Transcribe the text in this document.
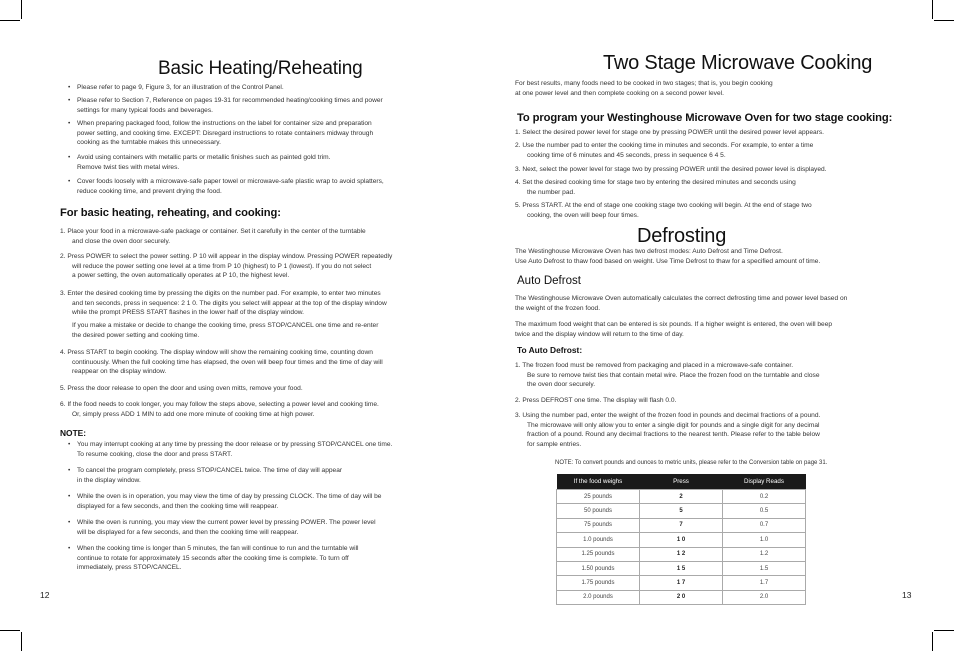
Basic Heating/Reheating
• Please refer to page 9, Figure 3, for an illustration of the Control Panel.
• Please refer to Section 7, Reference on pages 19-31 for recommended heating/cooking times and power
settings for many typical foods and beverages.
• When preparing packaged food, follow the instructions on the label for container size and preparation
power setting, and cooking time. EXCEPT: Disregard instructions to rotate containers midway through
cooking as the turntable makes this unnecessary.
• Avoid using containers with metallic parts or metallic finishes such as painted gold trim.
Remove twist ties with metal wires.
• Cover foods loosely with a microwave-safe paper towel or microwave-safe plastic wrap to avoid splatters,
reduce cooking time, and prevent drying the food.
For basic heating, reheating, and cooking:
1. Place your food in a microwave-safe package or container. Set it carefully in the center of the turntable
and close the oven door securely.
2. Press POWER to select the power setting. P 10 will appear in the display window. Pressing POWER repeatedly
will reduce the power setting one level at a time from P 10 (highest) to P 1 (lowest). If you do not select
a power setting, the oven automatically operates at P 10, the highest level.
3. Enter the desired cooking time by pressing the digits on the number pad. For example, to enter two minutes
and ten seconds, press in sequence: 2 1 0. The digits you select will appear at the top of the display window
while the prompt PRESS START flashes in the lower half of the display window.
If you make a mistake or decide to change the cooking time, press STOP/CANCEL one time and re-enter
the desired power setting and cooking time.
4. Press START to begin cooking. The display window will show the remaining cooking time, counting down
continuously. When the full cooking time has elapsed, the oven will beep four times and the time of day will
reappear on the display window.
5. Press the door release to open the door and using oven mitts, remove your food.
6. If the food needs to cook longer, you may follow the steps above, selecting a power level and cooking time.
Or, simply press ADD 1 MIN to add one more minute of cooking time at high power.
NOTE:
• You may interrupt cooking at any time by pressing the door release or by pressing STOP/CANCEL one time.
To resume cooking, close the door and press START.
• To cancel the program completely, press STOP/CANCEL twice. The time of day will appear
in the display window.
• While the oven is in operation, you may view the time of day by pressing CLOCK. The time of day will be
displayed for a few seconds, and then the cooking time will reappear.
• While the oven is running, you may view the current power level by pressing POWER. The power level
will be displayed for a few seconds, and then the cooking time will reappear.
• When the cooking time is longer than 5 minutes, the fan will continue to run and the turntable will
continue to rotate for approximately 15 seconds after the cooking time is complete. To turn off
immediately, press STOP/CANCEL.
12
Two Stage Microwave Cooking
For best results, many foods need to be cooked in two stages; that is, you begin cooking
at one power level and then complete cooking on a second power level.
To program your Westinghouse Microwave Oven for two stage cooking:
1. Select the desired power level for stage one by pressing POWER until the desired power level appears.
2. Use the number pad to enter the cooking time in minutes and seconds. For example, to enter a time
cooking time of 6 minutes and 45 seconds, press in sequence 6 4 5.
3. Next, select the power level for stage two by pressing POWER until the desired power level is displayed.
4. Set the desired cooking time for stage two by entering the desired minutes and seconds using
the number pad.
5. Press START. At the end of stage one cooking stage two cooking will begin. At the end of stage two
cooking, the oven will beep four times.
Defrosting
The Westinghouse Microwave Oven has two defrost modes: Auto Defrost and Time Defrost.
Use Auto Defrost to thaw food based on weight. Use Time Defrost to thaw for a specified amount of time.
Auto Defrost
The Westinghouse Microwave Oven automatically calculates the correct defrosting time and power level based on
the weight of the frozen food.
The maximum food weight that can be entered is six pounds. If a higher weight is entered, the oven will beep
twice and the display window will return to the time of day.
To Auto Defrost:
1. The frozen food must be removed from packaging and placed in a microwave-safe container.
Be sure to remove twist ties that contain metal wire. Place the frozen food on the turntable and close
the oven door securely.
2. Press DEFROST one time. The display will flash 0.0.
3. Using the number pad, enter the weight of the frozen food in pounds and decimal fractions of a pound.
The microwave will only allow you to enter a single digit for pounds and a single digit for any decimal
fraction of a pound. Round any decimal fractions to the nearest tenth. Please refer to the table below
for sample entries.
NOTE: To convert pounds and ounces to metric units, please refer to the Conversion table on page 31.
If the food weighs	Press	Display Reads
25 pounds	2	0.2
50 pounds	5	0.5
75 pounds	7	0.7
1.0 pounds	1 0	1.0
1.25 pounds	1 2	1.2
1.50 pounds	1 5	1.5
1.75 pounds	1 7	1.7
2.0 pounds	2 0	2.0	13
